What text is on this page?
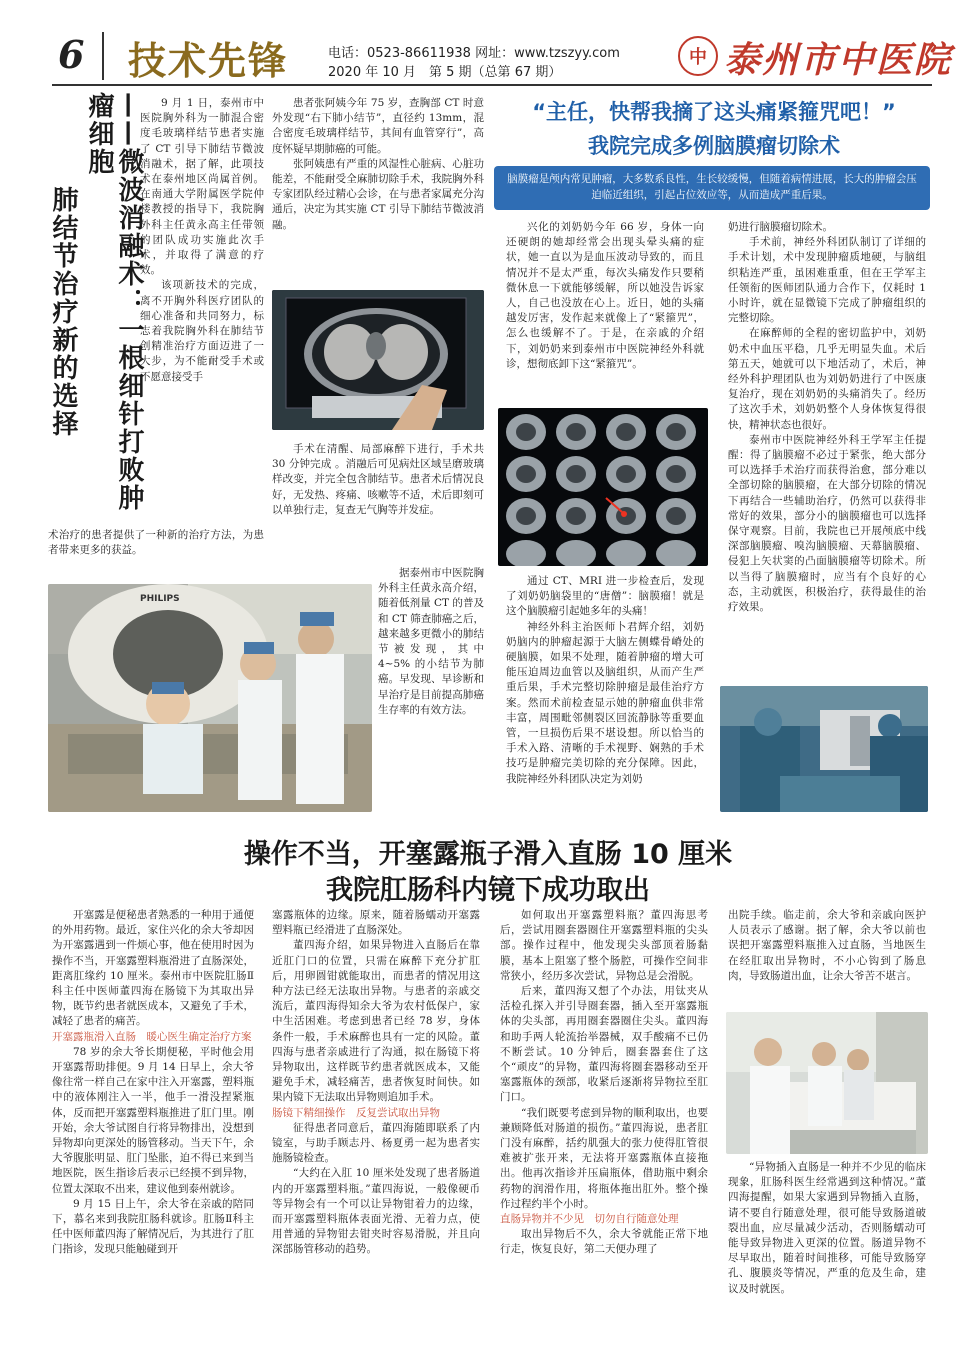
6 技术先锋	电话：0523-86611938 网址：www.tzszyy.com
2020 年 10 月　第 5 期（总第 67 期）
中 泰州市中医院
肺结节治疗新的选择	——微波消融术：一根细针打败肿瘤细胞	9 月 1 日，泰州市中医院胸外科为一肺混合密度毛玻璃样结节患者实施了 CT 引导下肺结节微波消融术，据了解，此项技术在泰州地区尚属首例。在南通大学附属医学院仲楼教授的指导下，我院胸外科主任黄永高主任带领的团队成功实施此次手术，并取得了满意的疗效。

该项新技术的完成，离不开胸外科医疗团队的细心准备和共同努力，标志着我院胸外科在肺结节创精准治疗方面迈进了一大步，为不能耐受手术或不愿意接受手

术治疗的患者提供了一种新的治疗方法，为患者带来更多的获益。

患者张阿姨今年 75 岁，查胸部 CT 时意外发现“右下肺小结节”，直径约 13mm，混合密度毛玻璃样结节，其间有血管穿行”，高度怀疑早期肺癌的可能。

张阿姨患有严重的风湿性心脏病、心脏功能差，不能耐受全麻肺切除手术，我院胸外科专家团队经过精心会诊，在与患者家属充分沟通后，决定为其实施 CT 引导下肺结节微波消融。

手术在清醒、局部麻醉下进行，手术共 30 分钟完成 。消融后可见病灶区域呈磨玻璃样改变，并完全包含肺结节。患者术后情况良好，无发热、疼痛、咳嗽等不适，术后即刻可以单独行走，复查无气胸等并发症。

据泰州市中医院胸外科主任黄永高介绍，随着低剂量 CT 的普及和 CT 筛查肺癌之后，越来越多更微小的肺结节被发现，其中 4~5% 的小结节为肺癌。早发现、早诊断和早治疗是目前提高肺癌生存率的有效方法。

PHILIPS
“主任，快帮我摘了这头痛紧箍咒吧！”
我院完成多例脑膜瘤切除术
脑膜瘤是颅内常见肿瘤，大多数系良性，生长较缓慢，但随着病情进展，长大的肿瘤会压迫临近组织，引起占位效应等，从而造成严重后果。

兴化的刘奶奶今年 66 岁，身体一向还硬朗的她却经常会出现头晕头痛的症状，她一直以为是血压波动导致的，而且情况并不是太严重，每次头痛发作只要稍微休息一下就能够缓解，所以她没告诉家人，自己也没放在心上。近日，她的头痛越发厉害，发作起来就像上了“紧箍咒”，怎么也缓解不了。于是，在亲戚的介绍下，刘奶奶来到泰州市中医院神经外科就诊，想彻底卸下这“紧箍咒”。

通过 CT、MRI 进一步检查后，发现了刘奶奶脑袋里的“唐僧”：脑膜瘤！就是这个脑膜瘤引起她多年的头痛！

神经外科主治医师卜君辉介绍，刘奶奶脑内的肿瘤起源于大脑左侧蝶骨嵴处的硬脑膜，如果不处理，随着肿瘤的增大可能压迫周边血管以及脑组织，从而产生严重后果，手术完整切除肿瘤是最佳治疗方案。然而术前检查显示她的肿瘤血供非常丰富，周围毗邻侧裂区回流静脉等重要血管，一旦损伤后果不堪设想。所以恰当的手术入路、清晰的手术视野、娴熟的手术技巧是肿瘤完美切除的充分保障。因此，我院神经外科团队决定为刘奶

奶进行脑膜瘤切除术。

手术前，神经外科团队制订了详细的手术计划，术中发现肿瘤质地硬，与脑组织粘连严重，虽困难重重，但在王学军主任领衔的医师团队通力合作下，仅耗时 1 小时许，就在显微镜下完成了肿瘤组织的完整切除。

在麻醉师的全程的密切监护中，刘奶奶术中血压平稳，几乎无明显失血。术后第五天，她就可以下地活动了，术后，神经外科护理团队也为刘奶奶进行了中医康复治疗，现在刘奶奶的头痛消失了。经历了这次手术，刘奶奶整个人身体恢复得很快，精神状态也很好。

泰州市中医院神经外科王学军主任提醒：得了脑膜瘤不必过于紧张，绝大部分可以选择手术治疗而获得治愈，部分难以全部切除的脑膜瘤，在大部分切除的情况下再结合一些辅助治疗，仍然可以获得非常好的效果，部分小的脑膜瘤也可以选择保守观察。目前，我院也已开展颅底中线深部脑膜瘤、嗅沟脑膜瘤、天幕脑膜瘤、侵犯上矢状窦的凸面脑膜瘤等切除术。所以当得了脑膜瘤时，应当有个良好的心态，主动就医，积极治疗，获得最佳的治疗效果。

操作不当，开塞露瓶子滑入直肠 10 厘米
我院肛肠科内镜下成功取出

开塞露是便秘患者熟悉的一种用于通便的外用药物。最近，家住兴化的余大爷却因为开塞露遇到一件烦心事，他在使用时因为操作不当，开塞露塑料瓶滑进了直肠深处，距离肛缘约 10 厘米。泰州市中医院肛肠Ⅱ科主任中医师董四海在肠镜下为其取出异物，既节约患者就医成本，又避免了手术，减轻了患者的痛苦。

开塞露瓶滑入直肠　暖心医生确定治疗方案

78 岁的余大爷长期便秘，平时他会用开塞露帮助排便。9 月 14 日早上，余大爷像往常一样自己在家中注入开塞露，塑料瓶中的液体刚注入一半，他手一滑没捏紧瓶体，反而把开塞露塑料瓶推进了肛门里。刚开始，余大爷试图自行将异物排出，没想到异物却向更深处的肠管移动。当天下午，余大爷腹胀明显、肛门坠胀，迫不得已来到当地医院，医生指诊后表示已经摸不到异物，位置太深取不出来，建议他到泰州就诊。

9 月 15 日上午，余大爷在亲戚的陪同下，慕名来到我院肛肠科就诊。肛肠Ⅱ科主任中医师董四海了解情况后，为其进行了肛门指诊，发现只能触碰到开

塞露瓶体的边缘。原来，随着肠蠕动开塞露塑料瓶已经滑进了直肠深处。

董四海介绍，如果异物进入直肠后在靠近肛门口的位置，只需在麻醉下充分扩肛后，用卵圆钳就能取出，而患者的情况用这种方法已经无法取出异物。与患者的亲戚交流后，董四海得知余大爷为农村低保户，家中生活困难。考虑到患者已经 78 岁，身体条件一般，手术麻醉也具有一定的风险。董四海与患者亲戚进行了沟通，拟在肠镜下将异物取出，这样既节约患者就医成本，又能避免手术，减轻痛苦，患者恢复时间快。如果内镜下无法取出异物则追加手术。

肠镜下精细操作　反复尝试取出异物

征得患者同意后，董四海随即联系了内镜室，与助手顾志丹、杨夏勇一起为患者实施肠镜检查。

“大约在入肛 10 厘米处发现了患者肠道内的开塞露塑料瓶。”董四海说，一般像硬币等异物会有一个可以让异物钳着力的边缘，而开塞露塑料瓶体表面光滑、无着力点，使用普通的异物钳去钳夹时容易滑脱，并且向深部肠管移动的趋势。

如何取出开塞露塑料瓶？董四海思考后，尝试用圈套器圈住开塞露塑料瓶的尖头部。操作过程中，他发现尖头部顶着肠黏膜，基本上阻塞了整个肠腔，可操作空间非常狭小，经历多次尝试，异物总是会滑脱。

后来，董四海又想了个办法，用钛夹从活检孔探入并引导圈套器，插入至开塞露瓶体的尖头部，再用圈套器圈住尖头。董四海和助手两人轮流抬举器械，双手酸痛不已仍不断尝试。10 分钟后，圈套器套住了这个“顽皮”的异物，董四海将圈套器移动至开塞露瓶体的颈部，收紧后逐渐将异物拉至肛门口。

“我们既要考虑到异物的顺利取出，也要兼顾降低对肠道的损伤。”董四海说，患者肛门没有麻醉，括约肌强大的张力使得肛管很难被扩张开来，无法将开塞露瓶体直接拖出。他再次指诊并压扁瓶体，借助瓶中剩余药物的润滑作用，将瓶体拖出肛外。整个操作过程约半个小时。

直肠异物并不少见　切勿自行随意处理

取出异物后不久，余大爷就能正常下地行走，恢复良好，第二天便办理了

出院手续。临走前，余大爷和亲戚向医护人员表示了感谢。据了解，余大爷以前也误把开塞露塑料瓶推入过直肠，当地医生在经肛取出异物时，不小心钩到了肠息肉，导致肠道出血，让余大爷苦不堪言。

“异物插入直肠是一种并不少见的临床现象，肛肠科医生经常遇到这种情况。”董四海提醒，如果大家遇到异物插入直肠，请不要自行随意处理，很可能导致肠道破裂出血，应尽量减少活动，否则肠蠕动可能导致异物进入更深的位置。肠道异物不尽早取出，随着时间推移，可能导致肠穿孔、腹膜炎等情况，严重的危及生命，建议及时就医。
